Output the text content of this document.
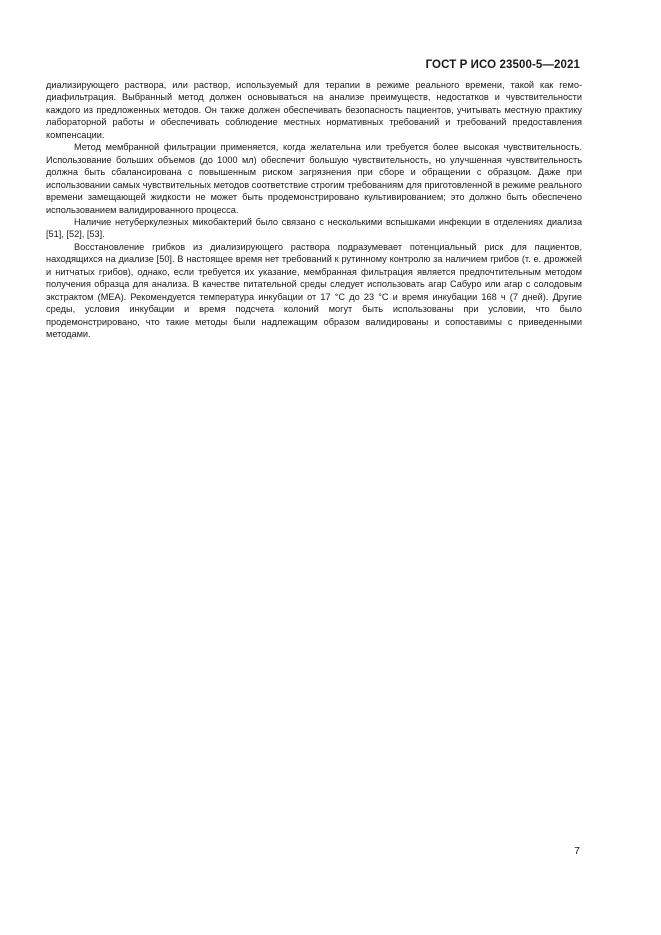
ГОСТ Р ИСО 23500-5—2021

диализирующего раствора, или раствор, используемый для терапии в режиме реального времени, такой как гемодиафильтрация. Выбранный метод должен основываться на анализе преимуществ, недостатков и чувствительности каждого из предложенных методов. Он также должен обеспечивать безопасность пациентов, учитывать местную практику лабораторной работы и обеспечивать соблюдение местных нормативных требований и требований предоставления компенсации.

Метод мембранной фильтрации применяется, когда желательна или требуется более высокая чувствительность. Использование больших объемов (до 1000 мл) обеспечит большую чувствительность, но улучшенная чувствительность должна быть сбалансирована с повышенным риском загрязнения при сборе и обращении с образцом. Даже при использовании самых чувствительных методов соответствие строгим требованиям для приготовленной в режиме реального времени замещающей жидкости не может быть продемонстрировано культивированием; это должно быть обеспечено использованием валидированного процесса.

Наличие нетуберкулезных микобактерий было связано с несколькими вспышками инфекции в отделениях диализа [51], [52], [53].

Восстановление грибков из диализирующего раствора подразумевает потенциальный риск для пациентов, находящихся на диализе [50]. В настоящее время нет требований к рутинному контролю за наличием грибов (т. е. дрожжей и нитчатых грибов), однако, если требуется их указание, мембранная фильтрация является предпочтительным методом получения образца для анализа. В качестве питательной среды следует использовать агар Сабуро или агар с солодовым экстрактом (МЕА). Рекомендуется температура инкубации от 17 °С до 23 °С и время инкубации 168 ч (7 дней). Другие среды, условия инкубации и время подсчета колоний могут быть использованы при условии, что было продемонстрировано, что такие методы были надлежащим образом валидированы и сопоставимы с приведенными методами.

7
